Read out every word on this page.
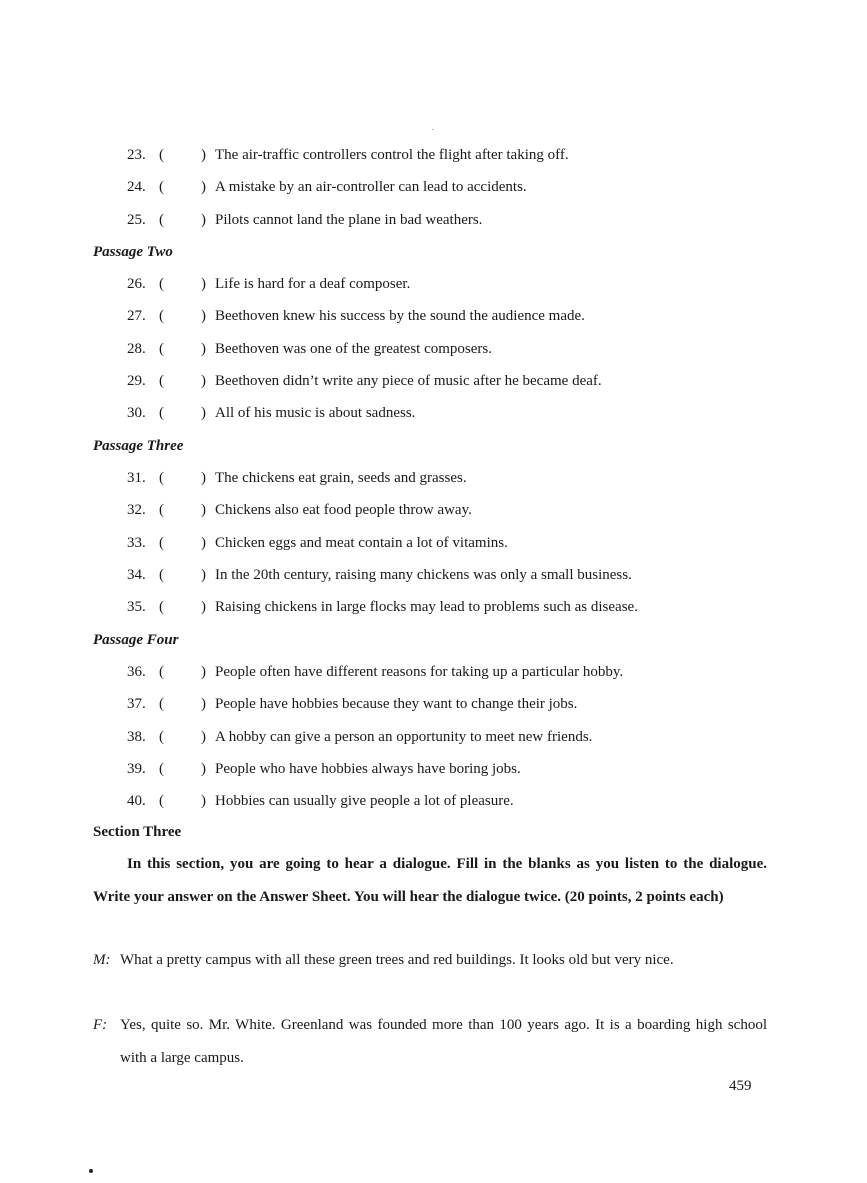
23. ( ) The air-traffic controllers control the flight after taking off.
24. ( ) A mistake by an air-controller can lead to accidents.
25. ( ) Pilots cannot land the plane in bad weathers.
Passage Two
26. ( ) Life is hard for a deaf composer.
27. ( ) Beethoven knew his success by the sound the audience made.
28. ( ) Beethoven was one of the greatest composers.
29. ( ) Beethoven didn’t write any piece of music after he became deaf.
30. ( ) All of his music is about sadness.
Passage Three
31. ( ) The chickens eat grain, seeds and grasses.
32. ( ) Chickens also eat food people throw away.
33. ( ) Chicken eggs and meat contain a lot of vitamins.
34. ( ) In the 20th century, raising many chickens was only a small business.
35. ( ) Raising chickens in large flocks may lead to problems such as disease.
Passage Four
36. ( ) People often have different reasons for taking up a particular hobby.
37. ( ) People have hobbies because they want to change their jobs.
38. ( ) A hobby can give a person an opportunity to meet new friends.
39. ( ) People who have hobbies always have boring jobs.
40. ( ) Hobbies can usually give people a lot of pleasure.
Section Three
In this section, you are going to hear a dialogue. Fill in the blanks as you listen to the dialogue. Write your answer on the Answer Sheet. You will hear the dialogue twice. (20 points, 2 points each)
M: What a pretty campus with all these green trees and red buildings. It looks old but very nice.
F: Yes, quite so. Mr. White. Greenland was founded more than 100 years ago. It is a boarding high school with a large campus.
459
